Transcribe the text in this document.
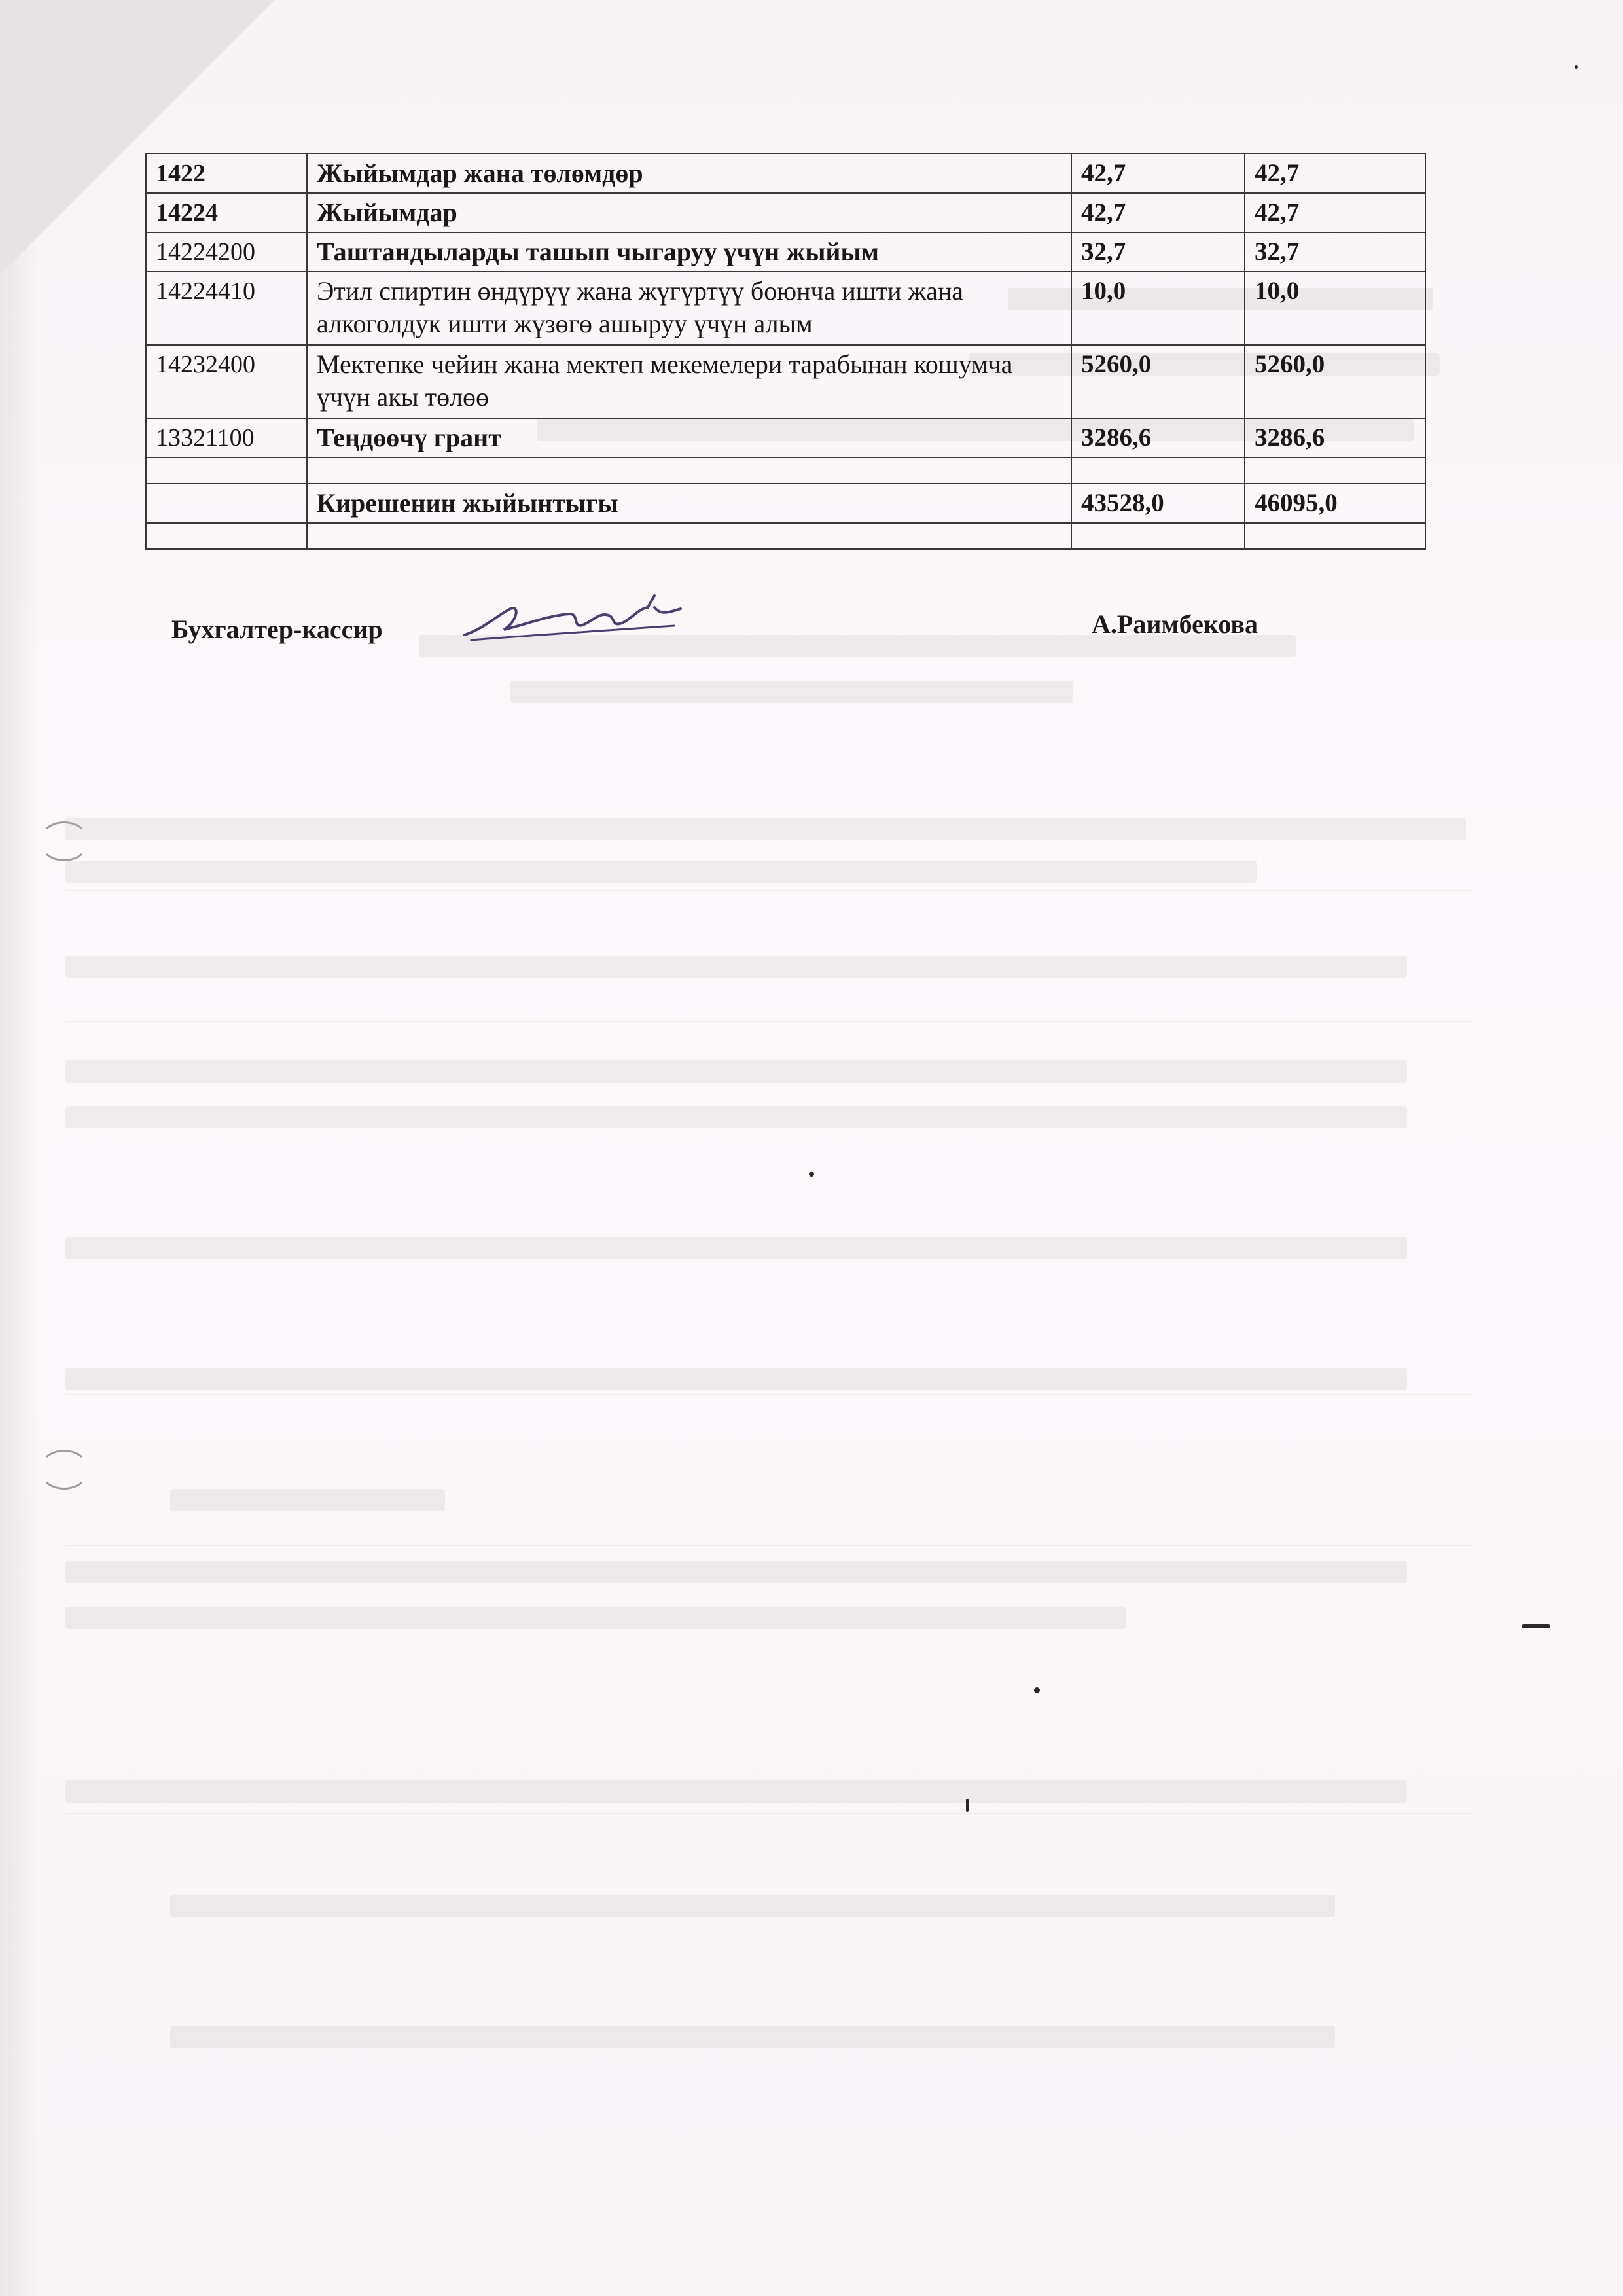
1422	Жыйымдар жана төлөмдөр	42,7	42,7
14224	Жыйымдар	42,7	42,7
14224200	Таштандыларды ташып чыгаруу үчүн жыйым	32,7	32,7
14224410	Этил спиртин өндүрүү жана жүгүртүү боюнча ишти жана алкоголдук ишти жүзөгө ашыруу үчүн алым	10,0	10,0
14232400	Мектепке чейин жана мектеп мекемелери тарабынан кошумча үчүн акы төлөө	5260,0	5260,0
13321100	Теңдөөчү грант	3286,6	3286,6

	Кирешенин жыйынтыгы	43528,0	46095,0

Бухгалтер-кассир	А.Раимбекова
